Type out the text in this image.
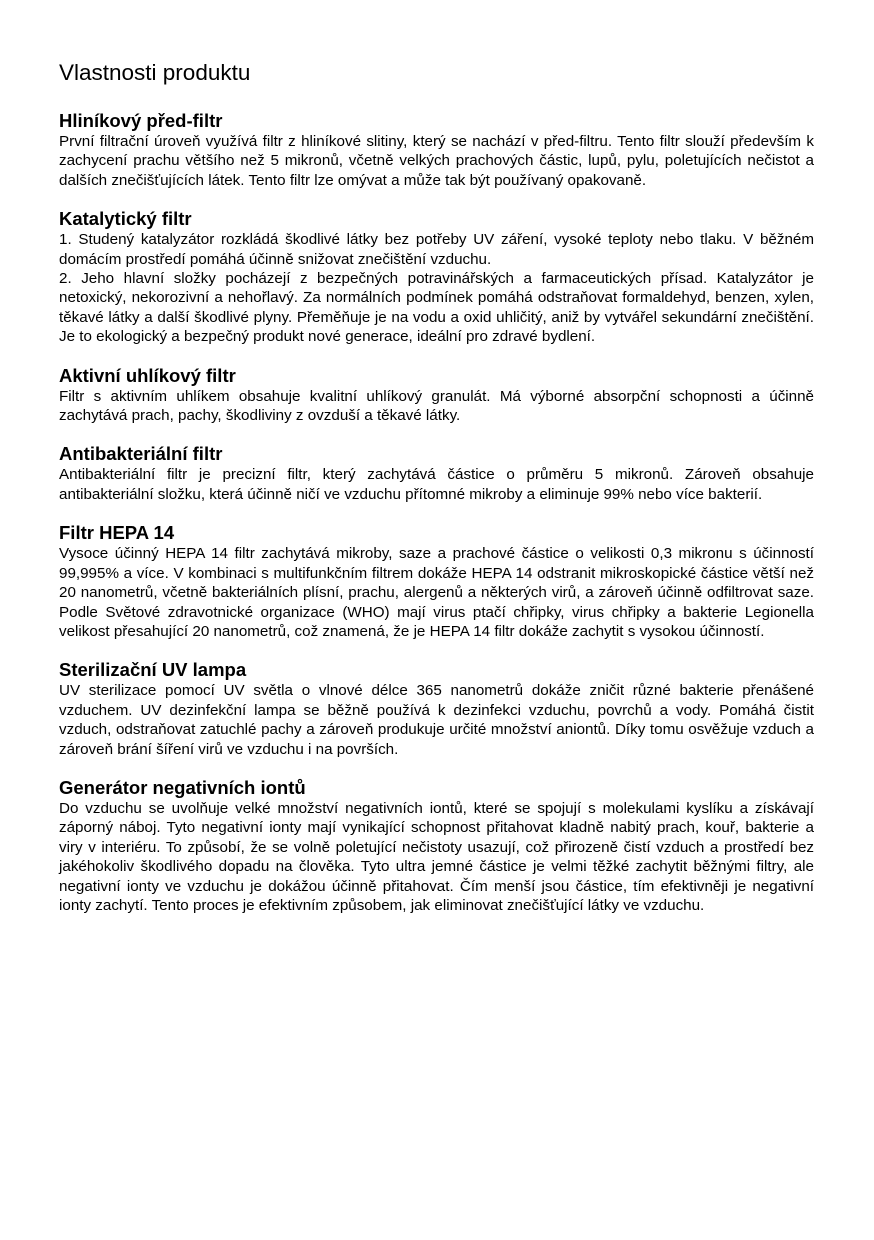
Vlastnosti produktu
Hliníkový před-filtr

První filtrační úroveň využívá filtr z hliníkové slitiny, který se nachází v před-filtru. Tento filtr slouží především k zachycení prachu většího než 5 mikronů, včetně velkých prachových částic, lupů, pylu, poletujících nečistot a dalších znečišťujících látek. Tento filtr lze omývat a může tak být používaný opakovaně.

Katalytický filtr

1. Studený katalyzátor rozkládá škodlivé látky bez potřeby UV záření, vysoké teploty nebo tlaku. V běžném domácím prostředí pomáhá účinně snižovat znečištění vzduchu.

2. Jeho hlavní složky pocházejí z bezpečných potravinářských a farmaceutických přísad. Katalyzátor je netoxický, nekorozivní a nehořlavý. Za normálních podmínek pomáhá odstraňovat formaldehyd, benzen, xylen, těkavé látky a další škodlivé plyny. Přeměňuje je na vodu a oxid uhličitý, aniž by vytvářel sekundární znečištění. Je to ekologický a bezpečný produkt nové generace, ideální pro zdravé bydlení.

Aktivní uhlíkový filtr

Filtr s aktivním uhlíkem obsahuje kvalitní uhlíkový granulát. Má výborné absorpční schopnosti a účinně zachytává prach, pachy, škodliviny z ovzduší a těkavé látky.

Antibakteriální filtr

Antibakteriální filtr je precizní filtr, který zachytává částice o průměru 5 mikronů. Zároveň obsahuje antibakteriální složku, která účinně ničí ve vzduchu přítomné mikroby a eliminuje 99% nebo více bakterií.

Filtr HEPA 14

Vysoce účinný HEPA 14 filtr zachytává mikroby, saze a prachové částice o velikosti 0,3 mikronu s účinností 99,995% a více. V kombinaci s multifunkčním filtrem dokáže HEPA 14 odstranit mikroskopické částice větší než 20 nanometrů, včetně bakteriálních plísní, prachu, alergenů a některých virů, a zároveň účinně odfiltrovat saze. Podle Světové zdravotnické organizace (WHO) mají virus ptačí chřipky, virus chřipky a bakterie Legionella velikost přesahující 20 nanometrů, což znamená, že je HEPA 14 filtr dokáže zachytit s vysokou účinností.

Sterilizační UV lampa

UV sterilizace pomocí UV světla o vlnové délce 365 nanometrů dokáže zničit různé bakterie přenášené vzduchem. UV dezinfekční lampa se běžně používá k dezinfekci vzduchu, povrchů a vody. Pomáhá čistit vzduch, odstraňovat zatuchlé pachy a zároveň produkuje určité množství aniontů. Díky tomu osvěžuje vzduch a zároveň brání šíření virů ve vzduchu i na površích.

Generátor negativních iontů

Do vzduchu se uvolňuje velké množství negativních iontů, které se spojují s molekulami kyslíku a získávají záporný náboj. Tyto negativní ionty mají vynikající schopnost přitahovat kladně nabitý prach, kouř, bakterie a viry v interiéru. To způsobí, že se volně poletující nečistoty usazují, což přirozeně čistí vzduch a prostředí bez jakéhokoliv škodlivého dopadu na člověka. Tyto ultra jemné částice je velmi těžké zachytit běžnými filtry, ale negativní ionty ve vzduchu je dokážou účinně přitahovat. Čím menší jsou částice, tím efektivněji je negativní ionty zachytí. Tento proces je efektivním způsobem, jak eliminovat znečišťující látky ve vzduchu.
